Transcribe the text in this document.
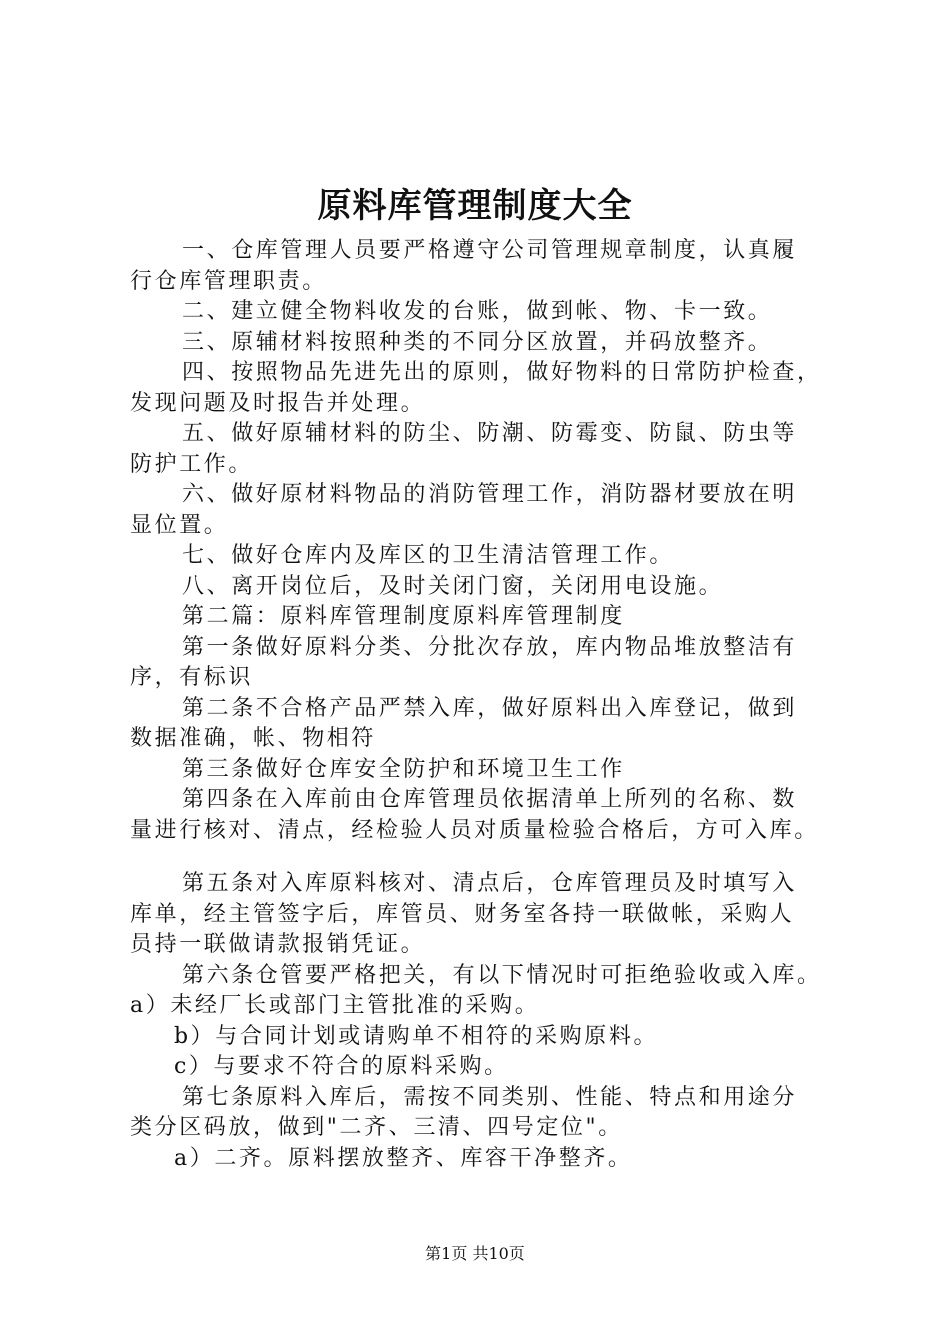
原料库管理制度大全

一、仓库管理人员要严格遵守公司管理规章制度，认真履

行仓库管理职责。

二、建立健全物料收发的台账，做到帐、物、卡一致。

三、原辅材料按照种类的不同分区放置，并码放整齐。

四、按照物品先进先出的原则，做好物料的日常防护检查，

发现问题及时报告并处理。

五、做好原辅材料的防尘、防潮、防霉变、防鼠、防虫等

防护工作。

六、做好原材料物品的消防管理工作，消防器材要放在明

显位置。

七、做好仓库内及库区的卫生清洁管理工作。

八、离开岗位后，及时关闭门窗，关闭用电设施。

第二篇：原料库管理制度原料库管理制度

第一条做好原料分类、分批次存放，库内物品堆放整洁有

序，有标识

第二条不合格产品严禁入库，做好原料出入库登记，做到

数据准确，帐、物相符

第三条做好仓库安全防护和环境卫生工作

第四条在入库前由仓库管理员依据清单上所列的名称、数

量进行核对、清点，经检验人员对质量检验合格后，方可入库。

第五条对入库原料核对、清点后，仓库管理员及时填写入

库单，经主管签字后，库管员、财务室各持一联做帐，采购人

员持一联做请款报销凭证。

第六条仓管要严格把关，有以下情况时可拒绝验收或入库。

a）未经厂长或部门主管批准的采购。

b）与合同计划或请购单不相符的采购原料。

c）与要求不符合的原料采购。

第七条原料入库后，需按不同类别、性能、特点和用途分

类分区码放，做到"二齐、三清、四号定位"。

a）二齐。原料摆放整齐、库容干净整齐。

第1页 共10页
